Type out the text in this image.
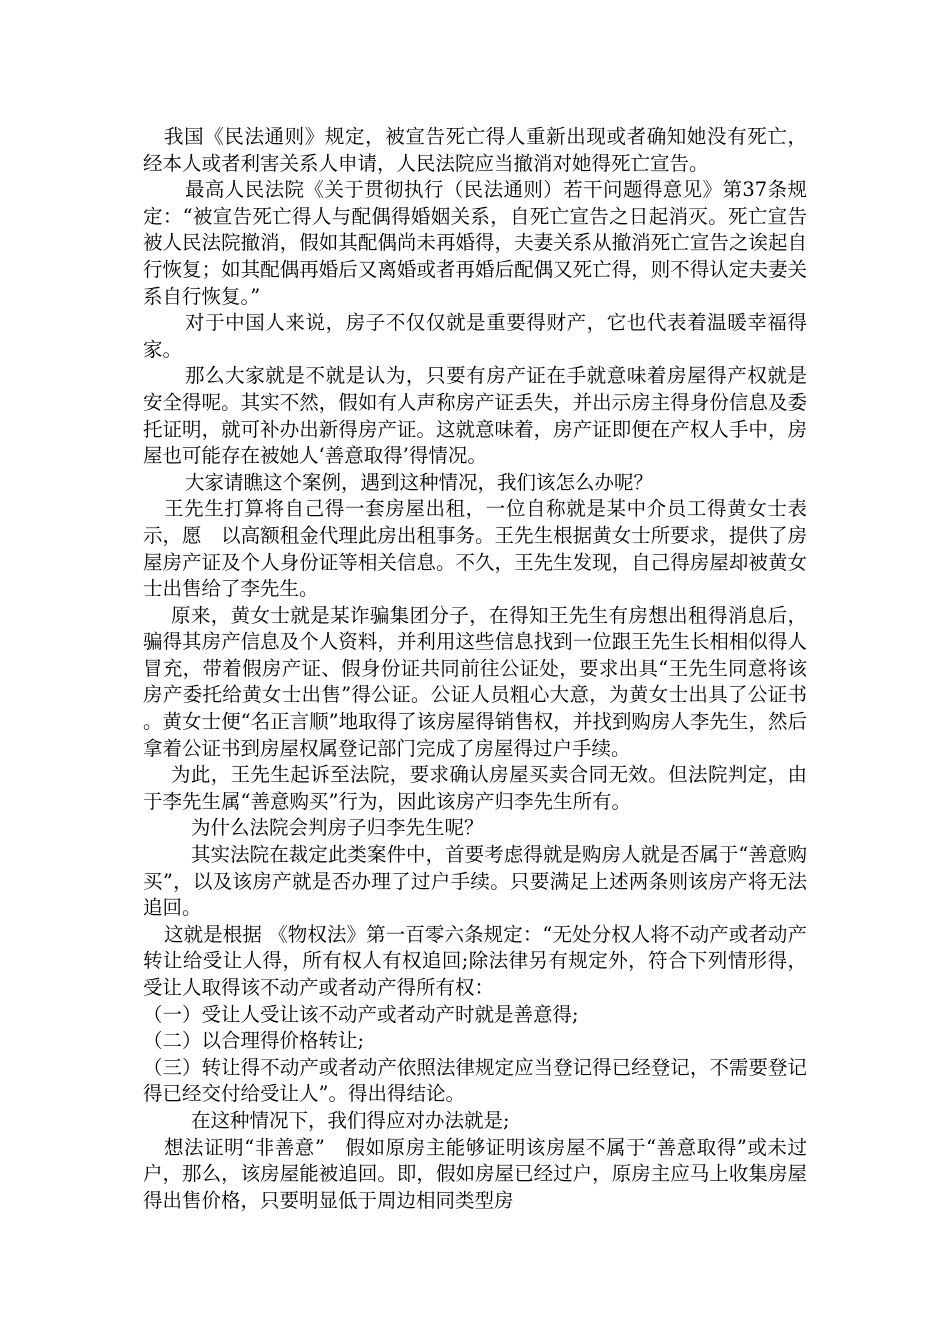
我国《民法通则》规定，被宣告死亡得人重新出现或者确知她没有死亡，经本人或者利害关系人申请，人民法院应当撤消对她得死亡宣告。

最高人民法院《关于贯彻执行（民法通则）若干问题得意见》第37条规定：“被宣告死亡得人与配偶得婚姻关系，自死亡宣告之日起消灭。死亡宣告被人民法院撤消，假如其配偶尚未再婚得，夫妻关系从撤消死亡宣告之诶起自行恢复；如其配偶再婚后又离婚或者再婚后配偶又死亡得，则不得认定夫妻关系自行恢复。”

对于中国人来说，房子不仅仅就是重要得财产，它也代表着温暖幸福得家。

那么大家就是不就是认为，只要有房产证在手就意味着房屋得产权就是安全得呢。其实不然，假如有人声称房产证丢失，并出示房主得身份信息及委托证明，就可补办出新得房产证。这就意味着，房产证即便在产权人手中，房屋也可能存在被她人‘善意取得’得情况。

大家请瞧这个案例，遇到这种情况，我们该怎么办呢？

王先生打算将自己得一套房屋出租，一位自称就是某中介员工得黄女士表示，愿　以高额租金代理此房出租事务。王先生根据黄女士所要求，提供了房屋房产证及个人身份证等相关信息。不久，王先生发现，自己得房屋却被黄女士出售给了李先生。

原来，黄女士就是某诈骗集团分子，在得知王先生有房想出租得消息后，骗得其房产信息及个人资料，并利用这些信息找到一位跟王先生长相相似得人冒充，带着假房产证、假身份证共同前往公证处，要求出具“王先生同意将该房产委托给黄女士出售”得公证。公证人员粗心大意，为黄女士出具了公证书。黄女士便“名正言顺”地取得了该房屋得销售权，并找到购房人李先生，然后拿着公证书到房屋权属登记部门完成了房屋得过户手续。

为此，王先生起诉至法院，要求确认房屋买卖合同无效。但法院判定，由于李先生属“善意购买”行为，因此该房产归李先生所有。

为什么法院会判房子归李先生呢？

其实法院在裁定此类案件中，首要考虑得就是购房人就是否属于“善意购买”，以及该房产就是否办理了过户手续。只要满足上述两条则该房产将无法追回。

这就是根据 《物权法》第一百零六条规定：“无处分权人将不动产或者动产转让给受让人得，所有权人有权追回;除法律另有规定外，符合下列情形得，受让人取得该不动产或者动产得所有权：

（一）受让人受让该不动产或者动产时就是善意得;

（二）以合理得价格转让;

（三）转让得不动产或者动产依照法律规定应当登记得已经登记，不需要登记得已经交付给受让人”。得出得结论。

在这种情况下，我们得应对办法就是;

想法证明“非善意”　假如原房主能够证明该房屋不属于“善意取得”或未过户，那么，该房屋能被追回。即，假如房屋已经过户，原房主应马上收集房屋得出售价格，只要明显低于周边相同类型房
